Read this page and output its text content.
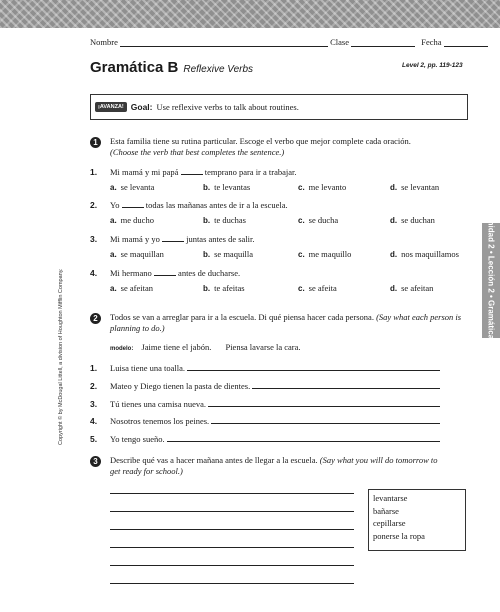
Nombre	Clase	Fecha
Gramática B Reflexive Verbs	Level 2, pp. 119-123
¡AVANZA! Goal: Use reflexive verbs to talk about routines.
Unidad 2 • Lección 2 • Gramática B
Copyright © by McDougal Littell, a division of Houghton Mifflin Company.
1	Esta familia tiene su rutina particular. Escoge el verbo que mejor complete cada oración.
(Choose the verb that best completes the sentence.)
1. Mi mamá y mi papá	temprano para ir a trabajar.
a. se levanta	b. te levantas	c. me levanto	d. se levantan
2. Yo	todas las mañanas antes de ir a la escuela.
a. me ducho	b. te duchas	c. se ducha	d. se duchan
3. Mi mamá y yo	juntas antes de salir.
a. se maquillan	b. se maquilla	c. me maquillo	d. nos maquillamos
4. Mi hermano	antes de ducharse.
a. se afeitan	b. te afeitas	c. se afeita	d. se afeitan
2	Todos se van a arreglar para ir a la escuela. Di qué piensa hacer cada persona. (Say what each person is planning to do.)
modelo: Jaime tiene el jabón. Piensa lavarse la cara.
1. Luisa tiene una toalla.
2. Mateo y Diego tienen la pasta de dientes.
3. Tú tienes una camisa nueva.
4. Nosotros tenemos los peines.
5. Yo tengo sueño.
3	Describe qué vas a hacer mañana antes de llegar a la escuela. (Say what you will do tomorrow to get ready for school.)
levantarse
bañarse
cepillarse
ponerse la ropa
